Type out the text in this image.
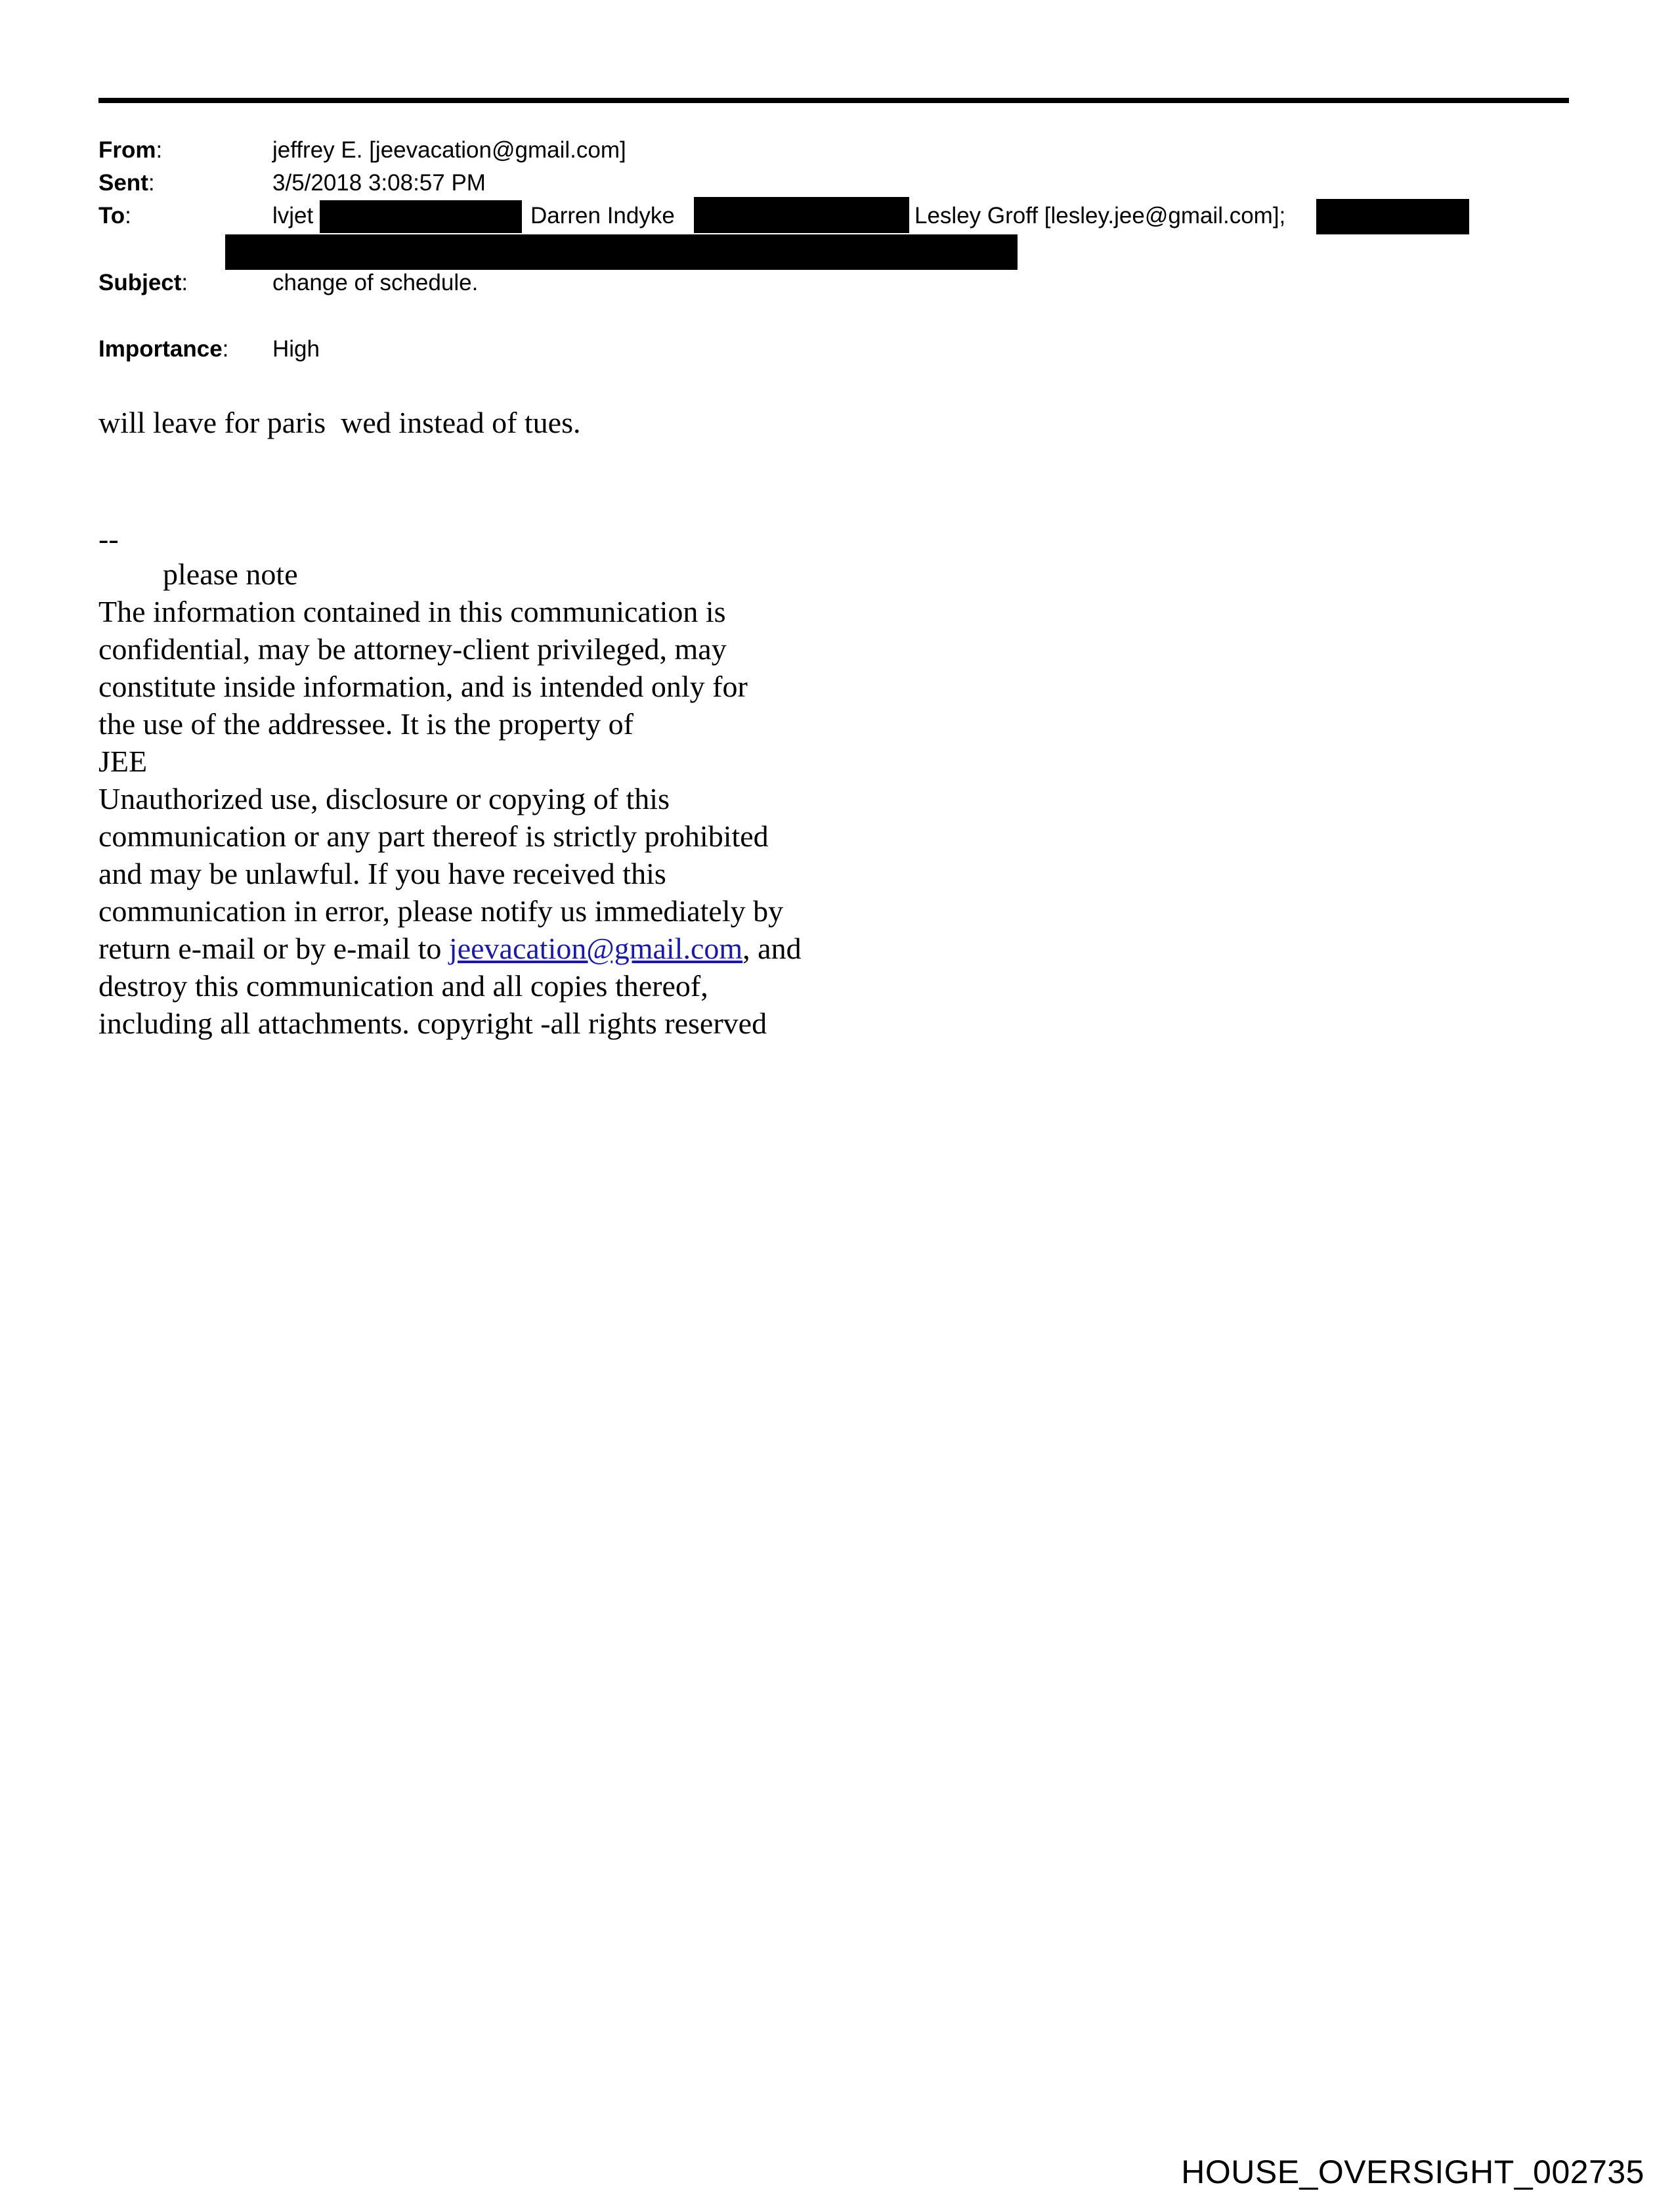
From:	jeffrey E. [jeevacation@gmail.com]
Sent:	3/5/2018 3:08:57 PM
To:	lvjet	Darren Indyke	Lesley Groff [lesley.jee@gmail.com];
Subject:	change of schedule.
Importance: High
will leave for paris  wed instead of tues.
--
please note
The information contained in this communication is
confidential, may be attorney-client privileged, may
constitute inside information, and is intended only for
the use of the addressee. It is the property of
JEE
Unauthorized use, disclosure or copying of this
communication or any part thereof is strictly prohibited
and may be unlawful. If you have received this
communication in error, please notify us immediately by
return e-mail or by e-mail to jeevacation@gmail.com, and
destroy this communication and all copies thereof,
including all attachments. copyright -all rights reserved
HOUSE_OVERSIGHT_002735
